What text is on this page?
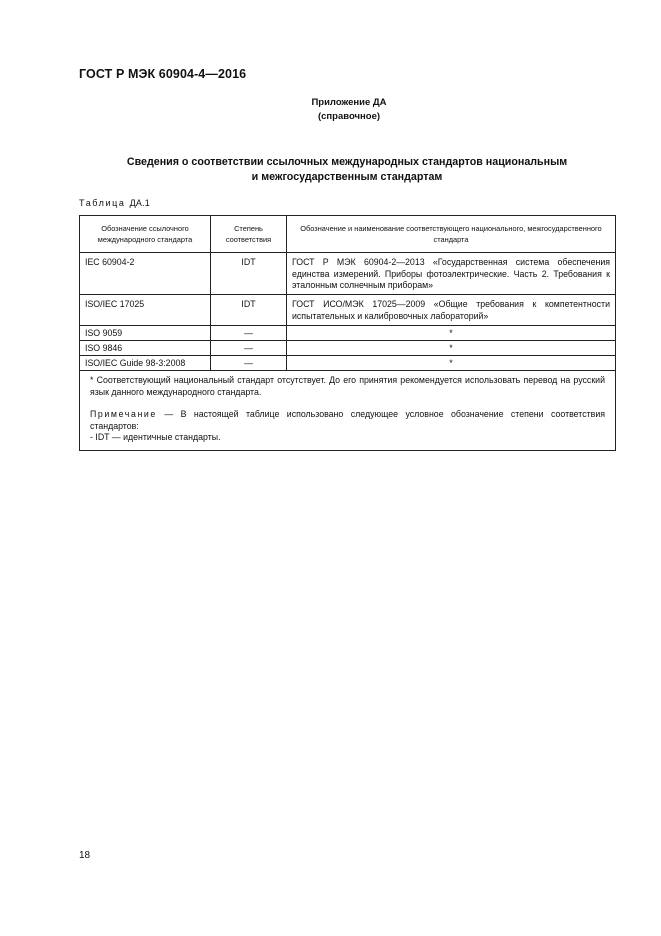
ГОСТ Р МЭК 60904-4—2016
Приложение ДА
(справочное)
Сведения о соответствии ссылочных международных стандартов национальным
и межгосударственным стандартам
Таблица ДА.1
Обозначение ссылочного международного стандарта	Степень соответствия	Обозначение и наименование соответствующего национального, межгосударственного стандарта
IEC 60904-2	IDT	ГОСТ Р МЭК 60904-2—2013 «Государственная система обеспечения единства измерений. Приборы фотоэлектрические. Часть 2. Требования к эталонным солнечным приборам»
ISO/IEC 17025	IDT	ГОСТ ИСО/МЭК 17025—2009 «Общие требования к компетентности испытательных и калибровочных лабораторий»
ISO 9059	—	*
ISO 9846	—	*
ISO/IEC Guide 98-3:2008	—	*

* Соответствующий национальный стандарт отсутствует. До его принятия рекомендуется использовать перевод на русский язык данного международного стандарта.

Примечание — В настоящей таблице использовано следующее условное обозначение степени соответствия стандартов:

- IDT — идентичные стандарты.		

18
